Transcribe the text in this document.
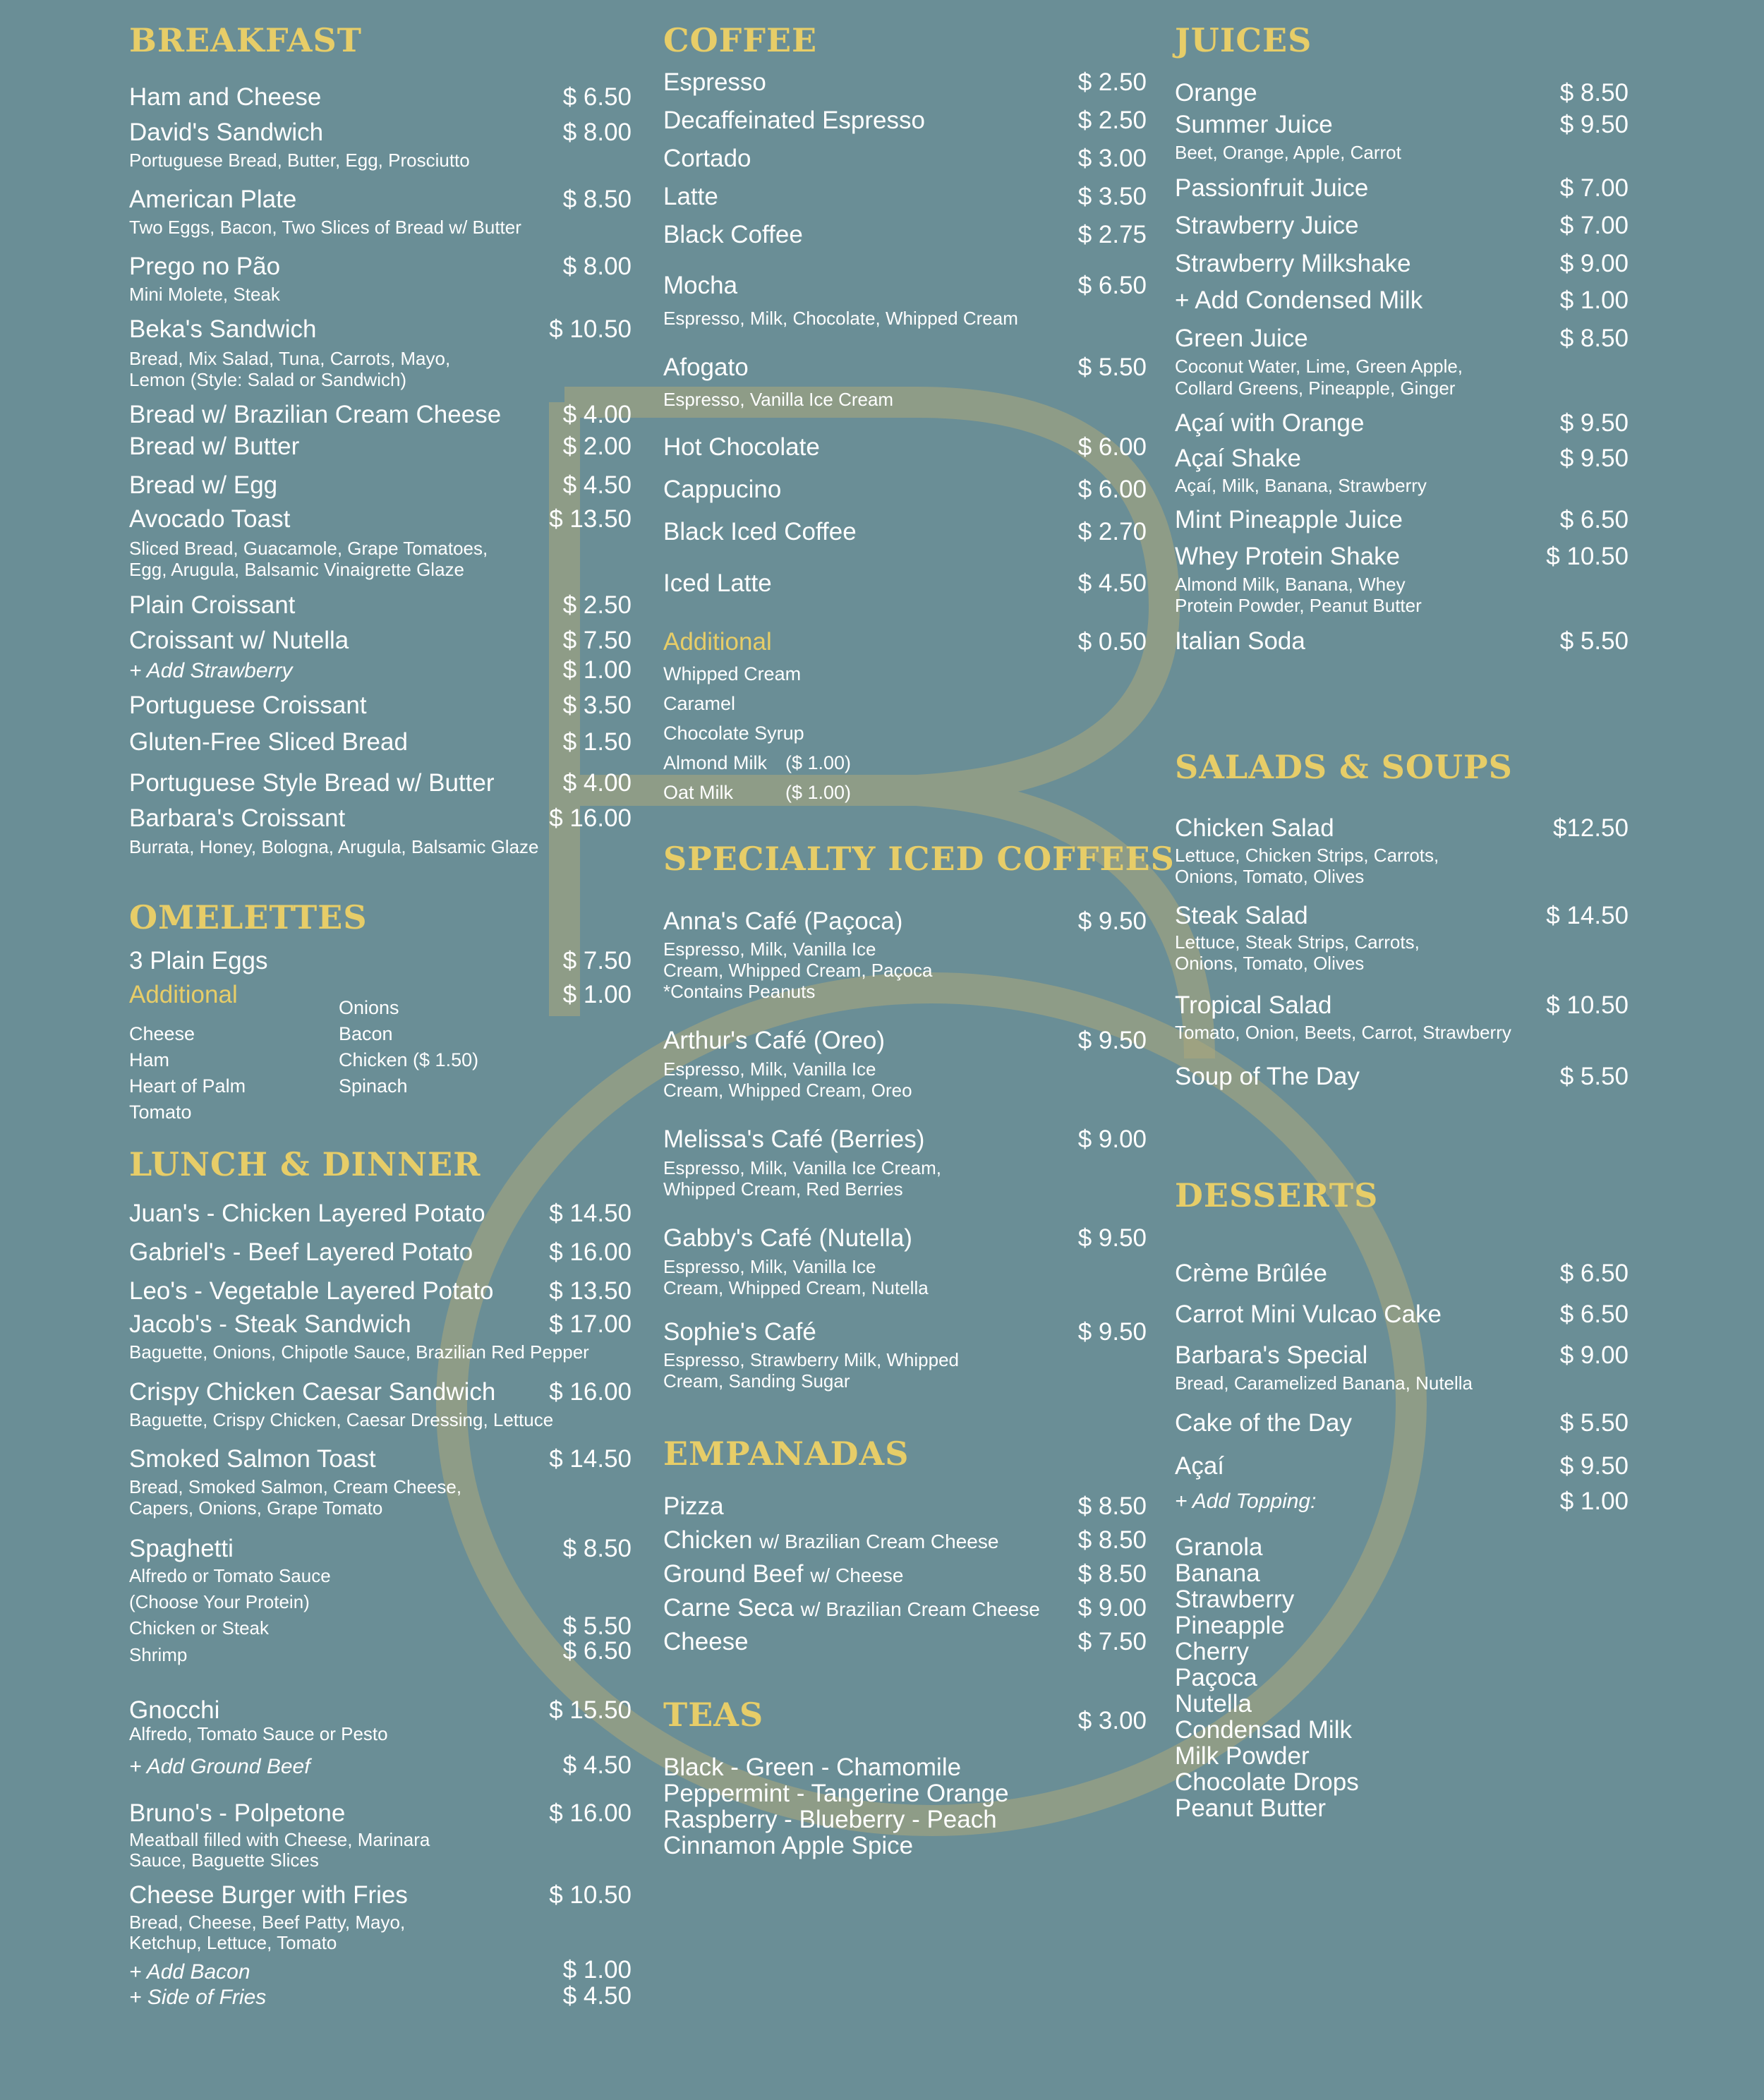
BREAKFAST
Ham and Cheese	$ 6.50
David's Sandwich	$ 8.00
Portuguese Bread, Butter, Egg, Prosciutto
American Plate	$ 8.50
Two Eggs, Bacon, Two Slices of Bread w/ Butter
Prego no Pão	$ 8.00
Mini Molete, Steak
Beka's Sandwich	$ 10.50
Bread, Mix Salad, Tuna, Carrots, Mayo,
Lemon (Style: Salad or Sandwich)
Bread w/ Brazilian Cream Cheese	$ 4.00
Bread w/ Butter	$ 2.00
Bread w/ Egg	$ 4.50
Avocado Toast	$ 13.50
Sliced Bread, Guacamole, Grape Tomatoes,
Egg, Arugula, Balsamic Vinaigrette Glaze
Plain Croissant	$ 2.50
Croissant w/ Nutella	$ 7.50
+ Add Strawberry	$ 1.00
Portuguese Croissant	$ 3.50
Gluten-Free Sliced Bread	$ 1.50
Portuguese Style Bread w/ Butter	$ 4.00
Barbara's Croissant	$ 16.00
Burrata, Honey, Bologna, Arugula, Balsamic Glaze
OMELETTES
3 Plain Eggs	$ 7.50
Additional	$ 1.00
Cheese
Ham
Heart of Palm
Tomato
Onions
Bacon
Chicken ($ 1.50)
Spinach
LUNCH & DINNER
Juan's - Chicken Layered Potato	$ 14.50
Gabriel's - Beef Layered Potato	$ 16.00
Leo's - Vegetable Layered Potato $ 13.50
Jacob's - Steak Sandwich	$ 17.00
Baguette, Onions, Chipotle Sauce, Brazilian Red Pepper
Crispy Chicken Caesar Sandwich $ 16.00
Baguette, Crispy Chicken, Caesar Dressing, Lettuce
Smoked Salmon Toast	$ 14.50
Bread, Smoked Salmon, Cream Cheese,
Capers, Onions, Grape Tomato
Spaghetti	$ 8.50
Alfredo or Tomato Sauce
(Choose Your Protein)
Chicken or Steak	$ 5.50
Shrimp	$ 6.50
Gnocchi	$ 15.50
Alfredo, Tomato Sauce or Pesto
+ Add Ground Beef	$ 4.50
Bruno's - Polpetone	$ 16.00
Meatball filled with Cheese, Marinara
Sauce, Baguette Slices
Cheese Burger with Fries	$ 10.50
Bread, Cheese, Beef Patty, Mayo,
Ketchup, Lettuce, Tomato
+ Add Bacon	$ 1.00
+ Side of Fries	$ 4.50
COFFEE
Espresso	$ 2.50
Decaffeinated Espresso	$ 2.50
Cortado	$ 3.00
Latte	$ 3.50
Black Coffee	$ 2.75
Mocha	$ 6.50
Espresso, Milk, Chocolate, Whipped Cream
Afogato	$ 5.50
Espresso, Vanilla Ice Cream
Hot Chocolate	$ 6.00
Cappucino	$ 6.00
Black Iced Coffee	$ 2.70
Iced Latte	$ 4.50
Additional	$ 0.50
Whipped Cream
Caramel
Chocolate Syrup
Almond Milk ($ 1.00)
Oat Milk	($ 1.00)
SPECIALTY ICED COFFEES
Anna's Café (Paçoca)	$ 9.50
Espresso, Milk, Vanilla Ice
Cream, Whipped Cream, Paçoca
*Contains Peanuts
Arthur's Café (Oreo)	$ 9.50
Espresso, Milk, Vanilla Ice
Cream, Whipped Cream, Oreo
Melissa's Café (Berries)	$ 9.00
Espresso, Milk, Vanilla Ice Cream,
Whipped Cream, Red Berries
Gabby's Café (Nutella)	$ 9.50
Espresso, Milk, Vanilla Ice
Cream, Whipped Cream, Nutella
Sophie's Café	$ 9.50
Espresso, Strawberry Milk, Whipped
Cream, Sanding Sugar
EMPANADAS
Pizza	$ 8.50
Chicken w/ Brazilian Cream Cheese	$ 8.50
Ground Beef w/ Cheese	$ 8.50
Carne Seca w/ Brazilian Cream Cheese $ 9.00
Cheese	$ 7.50
TEAS	$ 3.00
Black - Green - Chamomile
Peppermint - Tangerine Orange
Raspberry - Blueberry - Peach
Cinnamon Apple Spice
JUICES
Orange	$ 8.50
Summer Juice	$ 9.50
Beet, Orange, Apple, Carrot
Passionfruit Juice	$ 7.00
Strawberry Juice	$ 7.00
Strawberry Milkshake	$ 9.00
+ Add Condensed Milk	$ 1.00
Green Juice	$ 8.50
Coconut Water, Lime, Green Apple,
Collard Greens, Pineapple, Ginger
Açaí with Orange	$ 9.50
Açaí Shake	$ 9.50
Açaí, Milk, Banana, Strawberry
Mint Pineapple Juice	$ 6.50
Whey Protein Shake	$ 10.50
Almond Milk, Banana, Whey
Protein Powder, Peanut Butter
Italian Soda	$ 5.50
SALADS & SOUPS
Chicken Salad	$12.50
Lettuce, Chicken Strips, Carrots,
Onions, Tomato, Olives
Steak Salad	$ 14.50
Lettuce, Steak Strips, Carrots,
Onions, Tomato, Olives
Tropical Salad	$ 10.50
Tomato, Onion, Beets, Carrot, Strawberry
Soup of The Day	$ 5.50
DESSERTS
Crème Brûlée	$ 6.50
Carrot Mini Vulcao Cake	$ 6.50
Barbara's Special	$ 9.00
Bread, Caramelized Banana, Nutella
Cake of the Day	$ 5.50
Açaí	$ 9.50
+ Add Topping:	$ 1.00
Granola
Banana
Strawberry
Pineapple
Cherry
Paçoca
Nutella
Condensad Milk
Milk Powder
Chocolate Drops
Peanut Butter
